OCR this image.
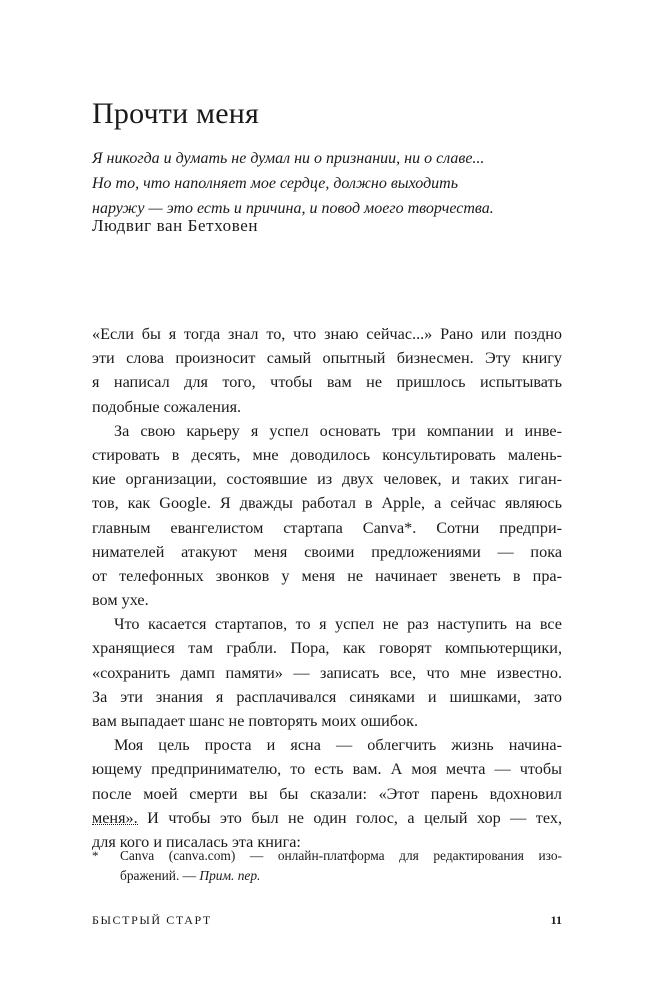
Прочти меня

Я никогда и думать не думал ни о признании, ни о славе...
Но то, что наполняет мое сердце, должно выходить
наружу — это есть и причина, и повод моего творчества.

Людвиг ван Бетховен

«Если бы я тогда знал то, что знаю сейчас...» Рано или поздно
эти слова произносит самый опытный бизнесмен. Эту книгу
я написал для того, чтобы вам не пришлось испытывать
подобные сожаления.
За свою карьеру я успел основать три компании и инве-
стировать в десять, мне доводилось консультировать малень-
кие организации, состоявшие из двух человек, и таких гиган-
тов, как Google. Я дважды работал в Apple, а сейчас являюсь
главным евангелистом стартапа Canva*. Сотни предпри-
нимателей атакуют меня своими предложениями — пока
от телефонных звонков у меня не начинает звенеть в пра-
вом ухе.
Что касается стартапов, то я успел не раз наступить на все
хранящиеся там грабли. Пора, как говорят компьютерщики,
«сохранить дамп памяти» — записать все, что мне известно.
За эти знания я расплачивался синяками и шишками, зато
вам выпадает шанс не повторять моих ошибок.
Моя цель проста и ясна — облегчить жизнь начина-
ющему предпринимателю, то есть вам. А моя мечта — чтобы
после моей смерти вы бы сказали: «Этот парень вдохновил
меня». И чтобы это был не один голос, а целый хор — тех,
для кого и писалась эта книга:
* Canva (canva.com) — онлайн-платформа для редактирования изо-
бражений. — Прим. пер.
БЫСТРЫЙ СТАРТ	11
